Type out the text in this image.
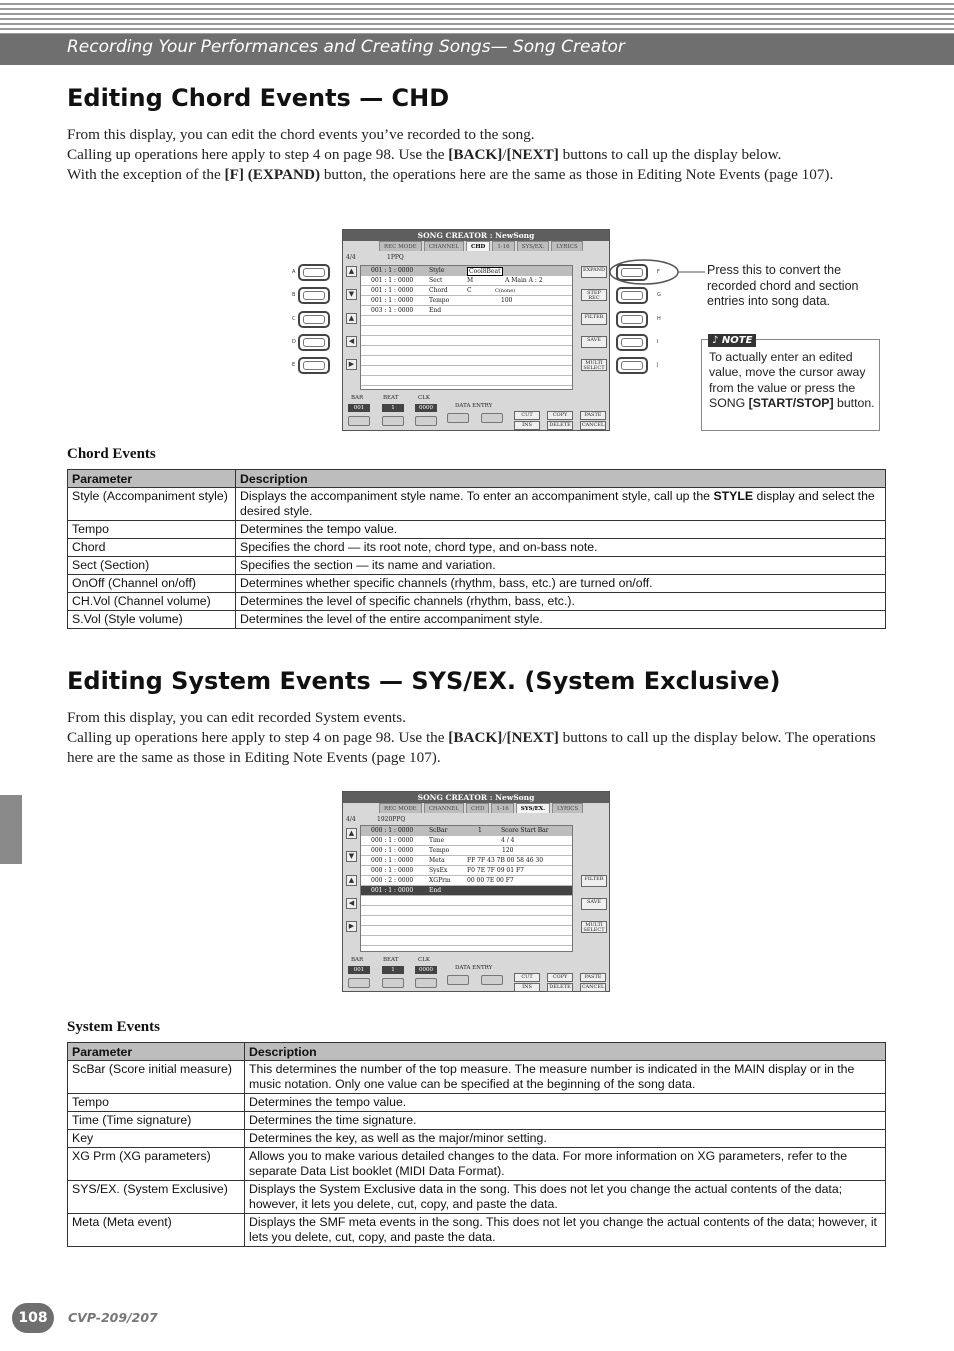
Recording Your Performances and Creating Songs— Song Creator
Editing Chord Events — CHD
From this display, you can edit the chord events you’ve recorded to the song.
Calling up operations here apply to step 4 on page 98. Use the [BACK]/[NEXT] buttons to call up the display below.
With the exception of the [F] (EXPAND) button, the operations here are the same as those in Editing Note Events (page 107).
A
B
C
D
E
F
G
H
I
J
SONG CREATOR : NewSong
REC MODE	CHANNEL	CHD	1-16	SYS/EX.	LYRICS
4/4	1PPQ
▲
▼
▲
◀
▶
001 : 1 : 0000	Style	Cool8Beat
001 : 1 : 0000	Sect	M	A Main A : 2
001 : 1 : 0000	Chord	C	C(none)
001 : 1 : 0000	Tempo	100
003 : 1 : 0000	End
EXPAND
STEP REC
FILTER
SAVE
MULTI SELECT
BAR	BEAT	CLK
DATA ENTRY
001	1	0000
CUT	COPY	PASTE
INS	DELETE	CANCEL
Press this to convert the recorded chord and section entries into song data.
♪ NOTE
To actually enter an edited value, move the cursor away from the value or press the SONG [START/STOP] button.
Chord Events
Parameter	Description
Style (Accompaniment style)	Displays the accompaniment style name. To enter an accompaniment style, call up the STYLE display and select the desired style.
Tempo	Determines the tempo value.
Chord	Specifies the chord — its root note, chord type, and on-bass note.
Sect (Section)	Specifies the section — its name and variation.
OnOff (Channel on/off)	Determines whether specific channels (rhythm, bass, etc.) are turned on/off.
CH.Vol (Channel volume)	Determines the level of specific channels (rhythm, bass, etc.).
S.Vol (Style volume)	Determines the level of the entire accompaniment style.
Editing System Events — SYS/EX. (System Exclusive)
From this display, you can edit recorded System events.
Calling up operations here apply to step 4 on page 98. Use the [BACK]/[NEXT] buttons to call up the display below. The operations here are the same as those in Editing Note Events (page 107).
SONG CREATOR : NewSong
REC MODE	CHANNEL	CHD	1-16	SYS/EX.	LYRICS
4/4	1920PPQ
▲
▼
▲
◀
▶
000 : 1 : 0000	ScBar	1	Score Start Bar
000 : 1 : 0000	Time	4 / 4
000 : 1 : 0000	Tempo	120
000 : 1 : 0000	Meta	FF 7F 43 7B 00 58 46 30
000 : 1 : 0000	SysEx	F0 7E 7F 09 01 F7
000 : 2 : 0000	XGPrm	00 00 7E 00 F7
001 : 1 : 0000	End
FILTER
SAVE
MULTI SELECT
BAR	BEAT	CLK
DATA ENTRY
001	1	0000
CUT	COPY	PASTE
INS	DELETE	CANCEL
System Events
Parameter	Description
ScBar (Score initial measure)	This determines the number of the top measure. The measure number is indicated in the MAIN display or in the music notation. Only one value can be specified at the beginning of the song data.
Tempo	Determines the tempo value.
Time (Time signature)	Determines the time signature.
Key	Determines the key, as well as the major/minor setting.
XG Prm (XG parameters)	Allows you to make various detailed changes to the data. For more information on XG parameters, refer to the separate Data List booklet (MIDI Data Format).
SYS/EX. (System Exclusive)	Displays the System Exclusive data in the song. This does not let you change the actual contents of the data; however, it lets you delete, cut, copy, and paste the data.
Meta (Meta event)	Displays the SMF meta events in the song. This does not let you change the actual contents of the data; however, it lets you delete, cut, copy, and paste the data.
108	CVP-209/207
